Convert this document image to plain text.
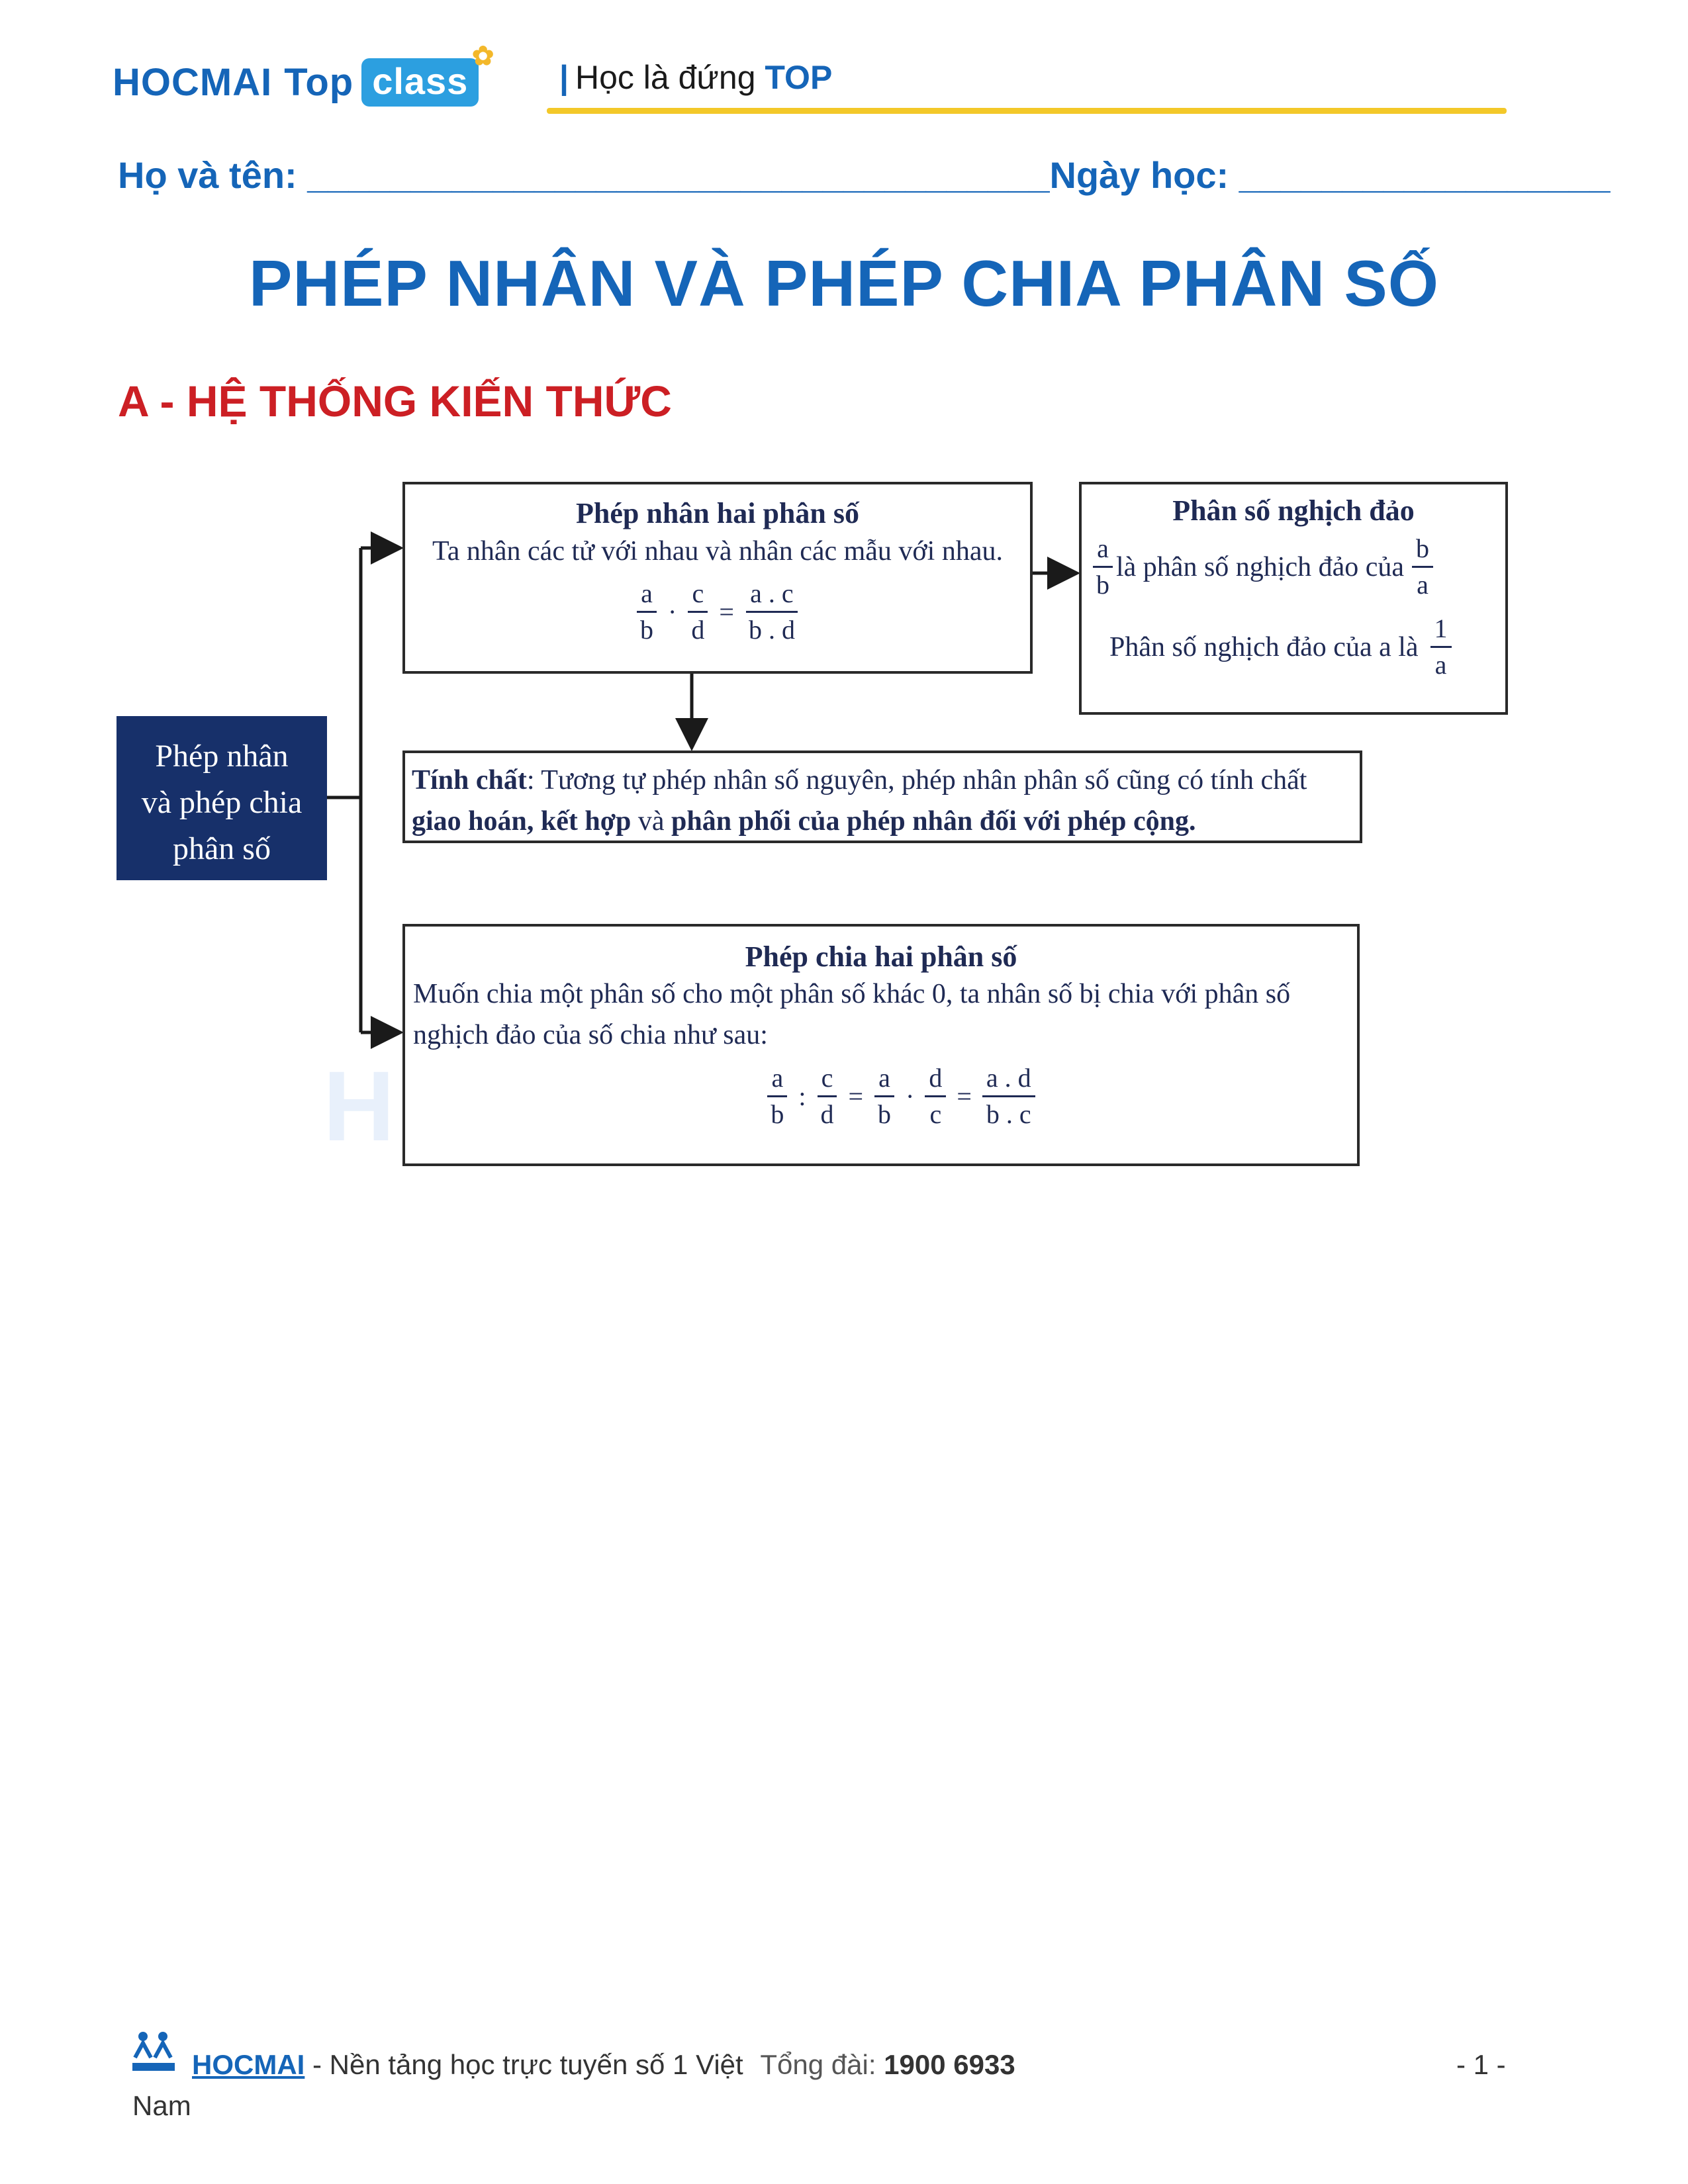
HOCMAI Top class
✿
| Học là đứng TOP
Họ và tên: ____________________________________Ngày học: __________________
PHÉP NHÂN VÀ PHÉP CHIA PHÂN SỐ
A - HỆ THỐNG KIẾN THỨC
Phép nhân
và phép chia
phân số
Phép nhân hai phân số
Ta nhân các tử với nhau và nhân các mẫu với nhau.
$\frac{a}{b} \cdot \frac{c}{d} = \frac{a . c}{b . d}$
Phân số nghịch đảo
$\frac{a}{b}$ là phân số nghịch đảo của $\frac{b}{a}$
Phân số nghịch đảo của a là $\frac{1}{a}$
Tính chất: Tương tự phép nhân số nguyên, phép nhân phân số cũng có tính chất
giao hoán, kết hợp và phân phối của phép nhân đối với phép cộng.
H
Phép chia hai phân số
Muốn chia một phân số cho một phân số khác 0, ta nhân số bị chia với phân số nghịch đảo của số chia như sau:
$\frac{a}{b}$ : $\frac{c}{d} = \frac{a}{b} \cdot \frac{d}{c} = \frac{a . d}{b . c}$
HOCMAI - Nền tảng học trực tuyến số 1 Việt Tổng đài: 1900 6933	- 1 -
Nam
